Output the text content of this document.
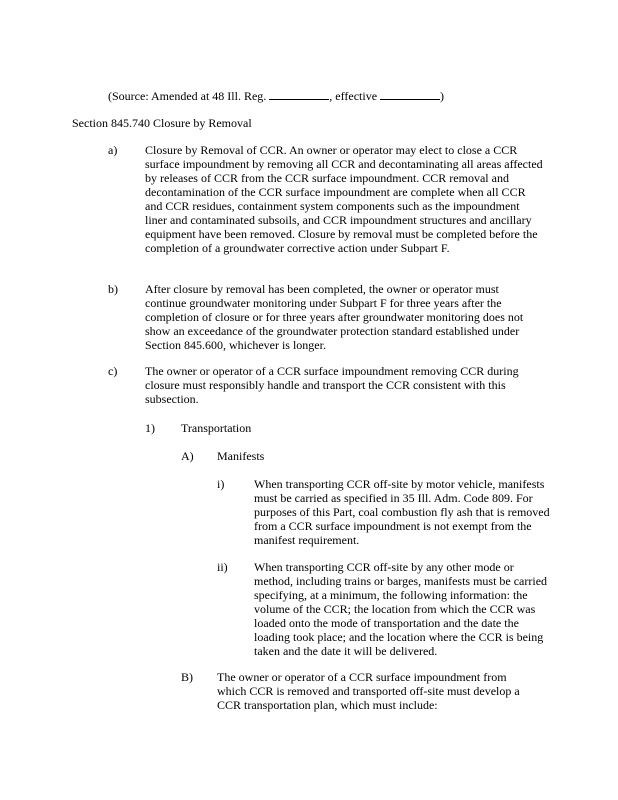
(Source: Amended at 48 Ill. Reg.	, effective	)
Section 845.740 Closure by Removal
a) Closure by Removal of CCR. An owner or operator may elect to close a CCR surface impoundment by removing all CCR and decontaminating all areas affected by releases of CCR from the CCR surface impoundment. CCR removal and decontamination of the CCR surface impoundment are complete when all CCR and CCR residues, containment system components such as the impoundment liner and contaminated subsoils, and CCR impoundment structures and ancillary equipment have been removed. Closure by removal must be completed before the completion of a groundwater corrective action under Subpart F.

b) After closure by removal has been completed, the owner or operator must continue groundwater monitoring under Subpart F for three years after the completion of closure or for three years after groundwater monitoring does not show an exceedance of the groundwater protection standard established under Section 845.600, whichever is longer.

c) The owner or operator of a CCR surface impoundment removing CCR during closure must responsibly handle and transport the CCR consistent with this subsection.

1) Transportation
A) Manifests
i) When transporting CCR off-site by motor vehicle, manifests must be carried as specified in 35 Ill. Adm. Code 809. For purposes of this Part, coal combustion fly ash that is removed from a CCR surface impoundment is not exempt from the manifest requirement.

ii) When transporting CCR off-site by any other mode or method, including trains or barges, manifests must be carried specifying, at a minimum, the following information: the volume of the CCR; the location from which the CCR was loaded onto the mode of transportation and the date the loading took place; and the location where the CCR is being taken and the date it will be delivered.

B) The owner or operator of a CCR surface impoundment from which CCR is removed and transported off-site must develop a CCR transportation plan, which must include:
